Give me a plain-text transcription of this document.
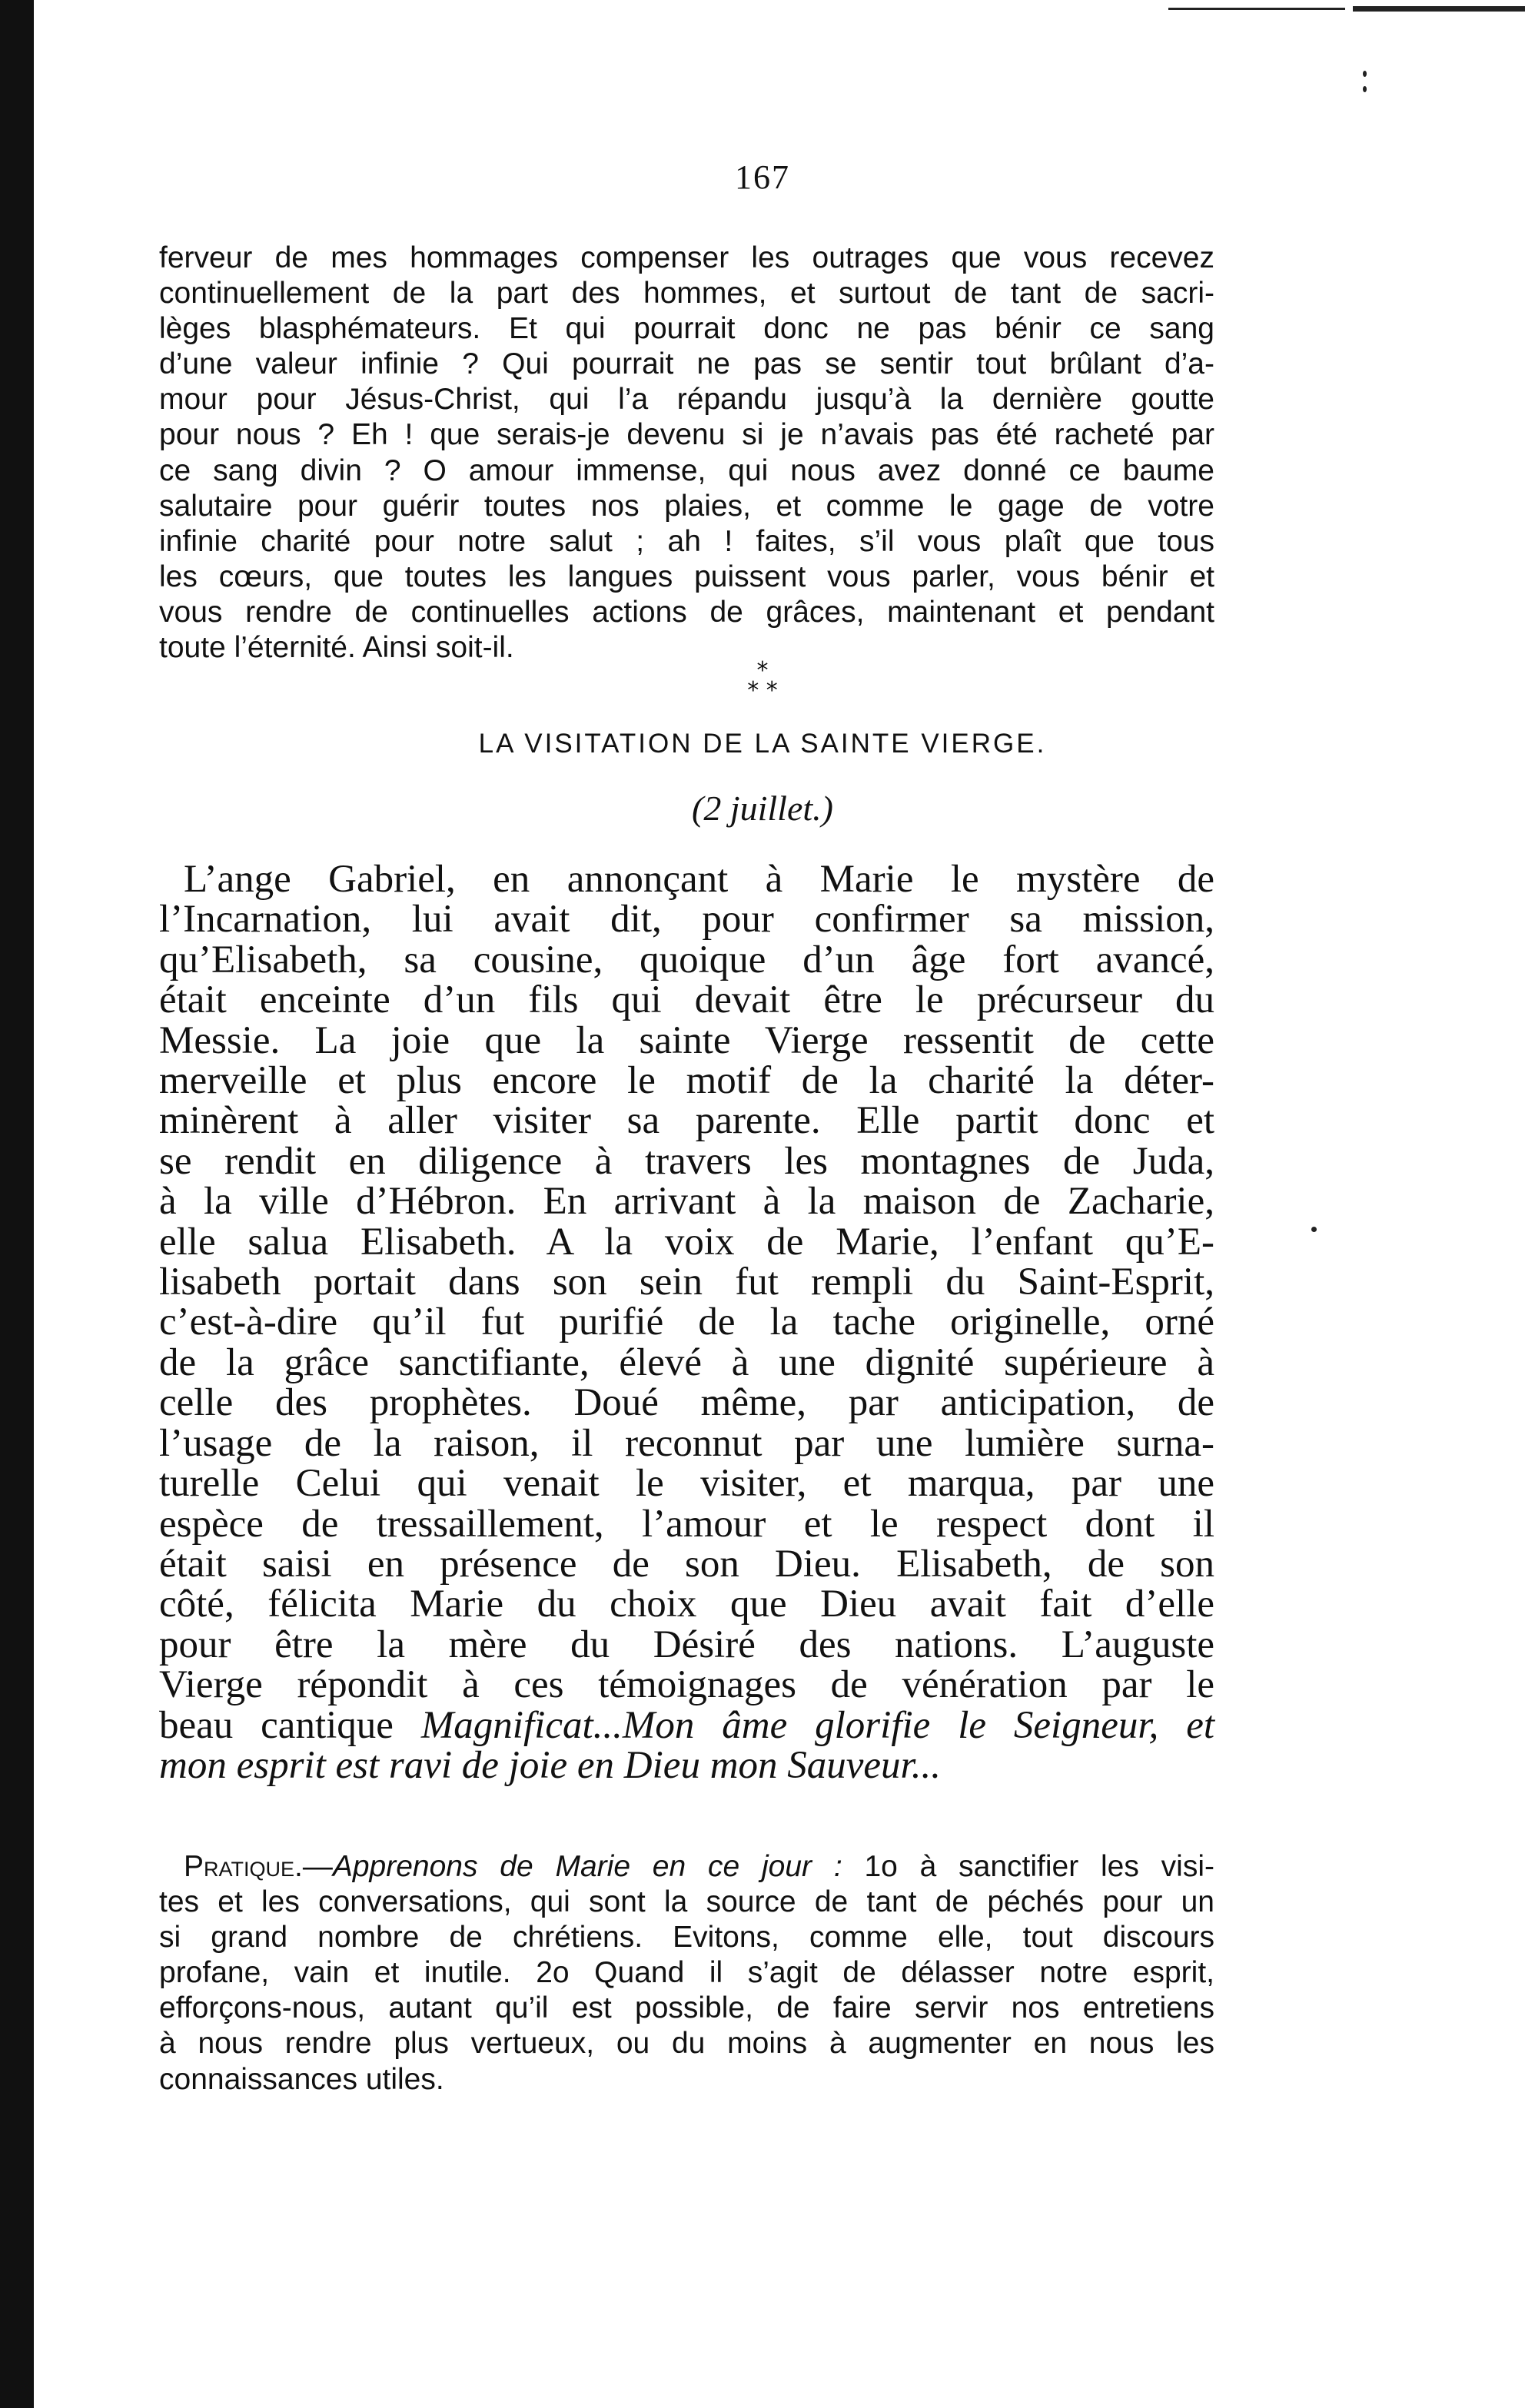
167
ferveur de mes hommages compenser les outrages que vous recevez
continuellement de la part des hommes, et surtout de tant de sacri-
lèges blasphémateurs. Et qui pourrait donc ne pas bénir ce sang
d’une valeur infinie ? Qui pourrait ne pas se sentir tout brûlant d’a-
mour pour Jésus-Christ, qui l’a répandu jusqu’à la dernière goutte
pour nous ? Eh ! que serais-je devenu si je n’avais pas été racheté par
ce sang divin ? O amour immense, qui nous avez donné ce baume
salutaire pour guérir toutes nos plaies, et comme le gage de votre
infinie charité pour notre salut ; ah ! faites, s’il vous plaît que tous
les cœurs, que toutes les langues puissent vous parler, vous bénir et
vous rendre de continuelles actions de grâces, maintenant et pendant
toute l’éternité. Ainsi soit-il.
*
* *
LA VISITATION DE LA SAINTE VIERGE.
(2 juillet.)
L’ange Gabriel, en annonçant à Marie le mystère de
l’Incarnation, lui avait dit, pour confirmer sa mission,
qu’Elisabeth, sa cousine, quoique d’un âge fort avancé,
était enceinte d’un fils qui devait être le précurseur du
Messie. La joie que la sainte Vierge ressentit de cette
merveille et plus encore le motif de la charité la déter-
minèrent à aller visiter sa parente. Elle partit donc et
se rendit en diligence à travers les montagnes de Juda,
à la ville d’Hébron. En arrivant à la maison de Zacharie,
elle salua Elisabeth. A la voix de Marie, l’enfant qu’E-
lisabeth portait dans son sein fut rempli du Saint-Esprit,
c’est-à-dire qu’il fut purifié de la tache originelle, orné
de la grâce sanctifiante, élevé à une dignité supérieure à
celle des prophètes. Doué même, par anticipation, de
l’usage de la raison, il reconnut par une lumière surna-
turelle Celui qui venait le visiter, et marqua, par une
espèce de tressaillement, l’amour et le respect dont il
était saisi en présence de son Dieu. Elisabeth, de son
côté, félicita Marie du choix que Dieu avait fait d’elle
pour être la mère du Désiré des nations. L’auguste
Vierge répondit à ces témoignages de vénération par le
beau cantique Magnificat...Mon âme glorifie le Seigneur, et
mon esprit est ravi de joie en Dieu mon Sauveur...
Pratique.—Apprenons de Marie en ce jour : 1o à sanctifier les visi-
tes et les conversations, qui sont la source de tant de péchés pour un
si grand nombre de chrétiens. Evitons, comme elle, tout discours
profane, vain et inutile. 2o Quand il s’agit de délasser notre esprit,
efforçons-nous, autant qu’il est possible, de faire servir nos entretiens
à nous rendre plus vertueux, ou du moins à augmenter en nous les
connaissances utiles.
